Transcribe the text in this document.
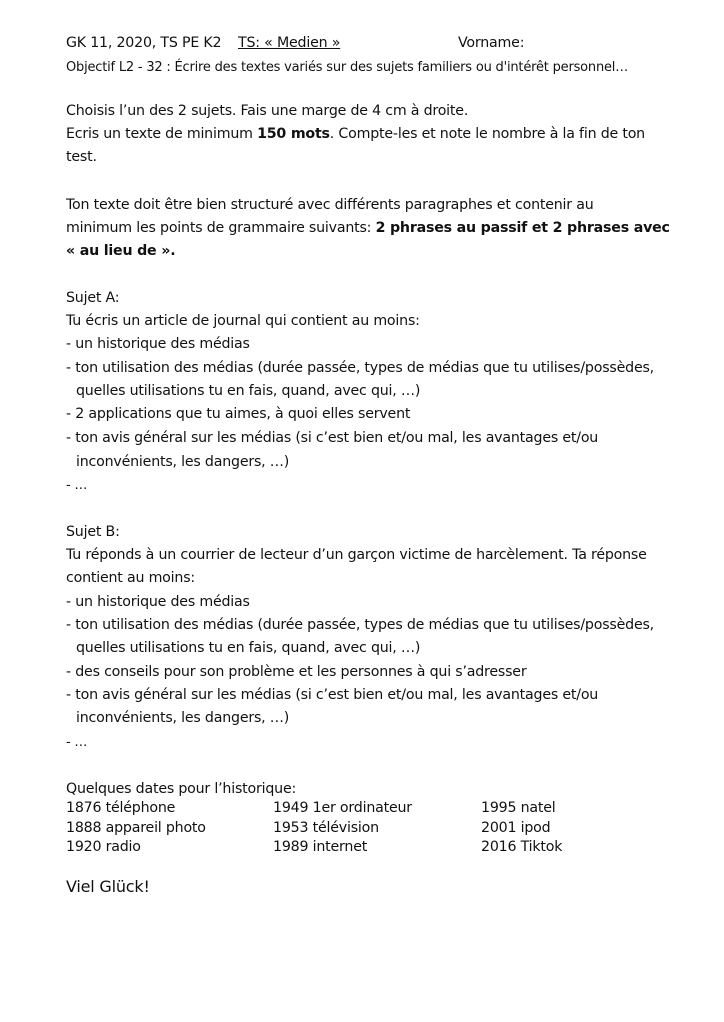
GK 11, 2020, TS PE K2 TS: « Medien »	Vorname:
Objectif L2 - 32 : Écrire des textes variés sur des sujets familiers ou d'intérêt personnel…
Choisis l’un des 2 sujets. Fais une marge de 4 cm à droite.
Ecris un texte de minimum 150 mots. Compte-les et note le nombre à la fin de ton
test.
Ton texte doit être bien structuré avec différents paragraphes et contenir au
minimum les points de grammaire suivants: 2 phrases au passif et 2 phrases avec
« au lieu de ».
Sujet A:
Tu écris un article de journal qui contient au moins:
- un historique des médias
- ton utilisation des médias (durée passée, types de médias que tu utilises/possèdes,
quelles utilisations tu en fais, quand, avec qui, …)
- 2 applications que tu aimes, à quoi elles servent
- ton avis général sur les médias (si c’est bien et/ou mal, les avantages et/ou
inconvénients, les dangers, …)
- …
Sujet B:
Tu réponds à un courrier de lecteur d’un garçon victime de harcèlement. Ta réponse
contient au moins:
- un historique des médias
- ton utilisation des médias (durée passée, types de médias que tu utilises/possèdes,
quelles utilisations tu en fais, quand, avec qui, …)
- des conseils pour son problème et les personnes à qui s’adresser
- ton avis général sur les médias (si c’est bien et/ou mal, les avantages et/ou
inconvénients, les dangers, …)
- …
Quelques dates pour l’historique:
1876 téléphone
1888 appareil photo
1920 radio
1949 1er ordinateur
1953 télévision
1989 internet
1995 natel
2001 ipod
2016 Tiktok
Viel Glück!
